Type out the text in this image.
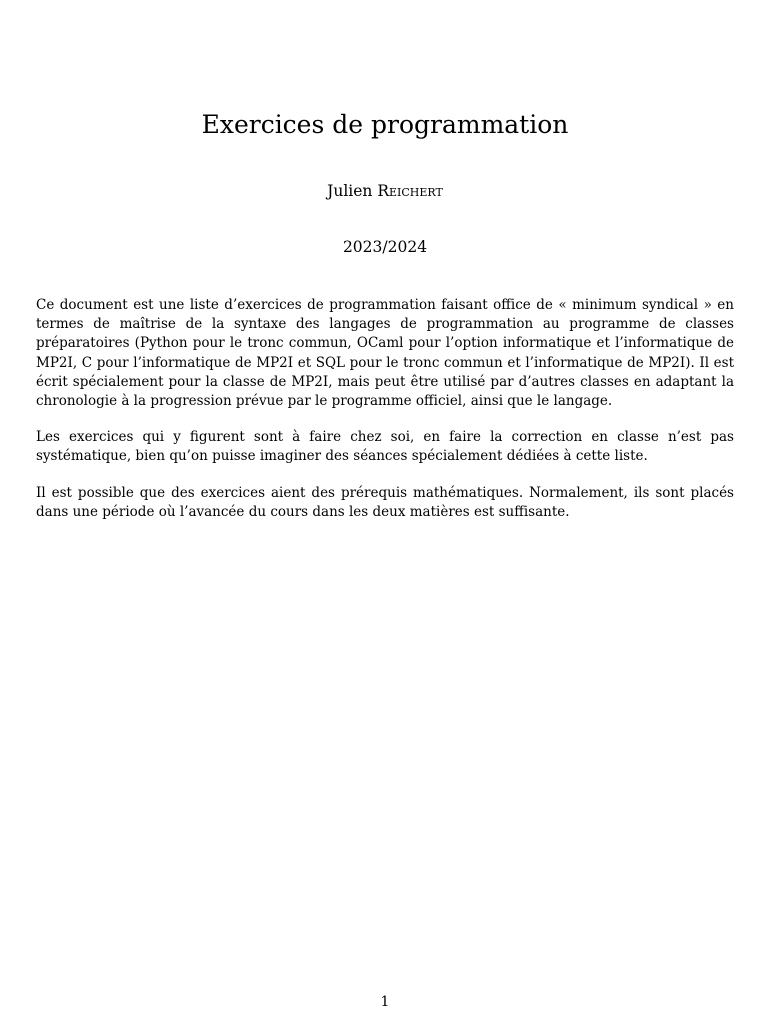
Exercices de programmation
Julien Reichert
2023/2024

Ce document est une liste d’exercices de programmation faisant office de « minimum syndical » en termes de maîtrise de la syntaxe des langages de programmation au programme de classes préparatoires (Python pour le tronc commun, OCaml pour l’option informatique et l’informatique de MP2I, C pour l’informatique de MP2I et SQL pour le tronc commun et l’informatique de MP2I). Il est écrit spécialement pour la classe de MP2I, mais peut être utilisé par d’autres classes en adaptant la chronologie à la progression prévue par le programme officiel, ainsi que le langage.

Les exercices qui y figurent sont à faire chez soi, en faire la correction en classe n’est pas systématique, bien qu’on puisse imaginer des séances spécialement dédiées à cette liste.

Il est possible que des exercices aient des prérequis mathématiques. Normalement, ils sont placés dans une période où l’avancée du cours dans les deux matières est suffisante.

1
